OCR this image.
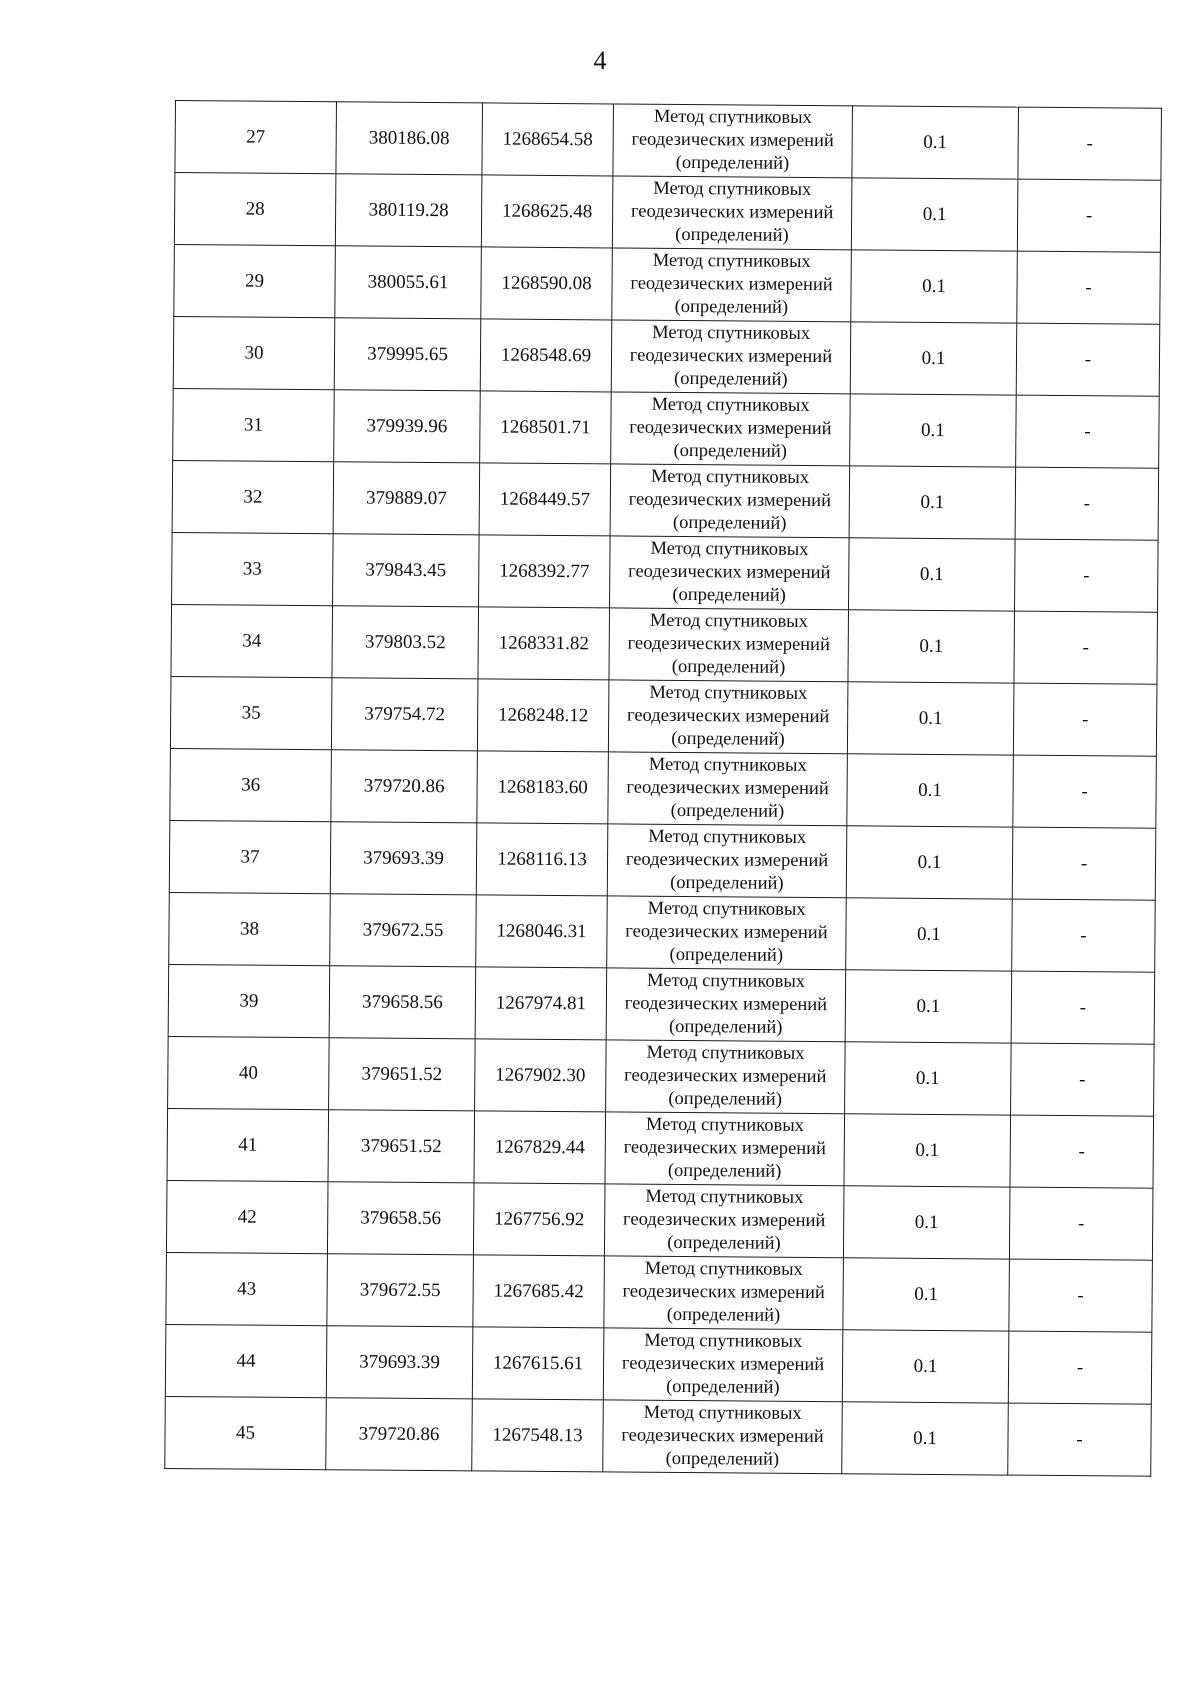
4
27	380186.08	1268654.58	Метод спутниковых
геодезических измерений
(определений)	0.1	-
28	380119.28	1268625.48	Метод спутниковых
геодезических измерений
(определений)	0.1	-
29	380055.61	1268590.08	Метод спутниковых
геодезических измерений
(определений)	0.1	-
30	379995.65	1268548.69	Метод спутниковых
геодезических измерений
(определений)	0.1	-
31	379939.96	1268501.71	Метод спутниковых
геодезических измерений
(определений)	0.1	-
32	379889.07	1268449.57	Метод спутниковых
геодезических измерений
(определений)	0.1	-
33	379843.45	1268392.77	Метод спутниковых
геодезических измерений
(определений)	0.1	-
34	379803.52	1268331.82	Метод спутниковых
геодезических измерений
(определений)	0.1	-
35	379754.72	1268248.12	Метод спутниковых
геодезических измерений
(определений)	0.1	-
36	379720.86	1268183.60	Метод спутниковых
геодезических измерений
(определений)	0.1	-
37	379693.39	1268116.13	Метод спутниковых
геодезических измерений
(определений)	0.1	-
38	379672.55	1268046.31	Метод спутниковых
геодезических измерений
(определений)	0.1	-
39	379658.56	1267974.81	Метод спутниковых
геодезических измерений
(определений)	0.1	-
40	379651.52	1267902.30	Метод спутниковых
геодезических измерений
(определений)	0.1	-
41	379651.52	1267829.44	Метод спутниковых
геодезических измерений
(определений)	0.1	-
42	379658.56	1267756.92	Метод спутниковых
геодезических измерений
(определений)	0.1	-
43	379672.55	1267685.42	Метод спутниковых
геодезических измерений
(определений)	0.1	-
44	379693.39	1267615.61	Метод спутниковых
геодезических измерений
(определений)	0.1	-
45	379720.86	1267548.13	Метод спутниковых
геодезических измерений
(определений)	0.1	-
